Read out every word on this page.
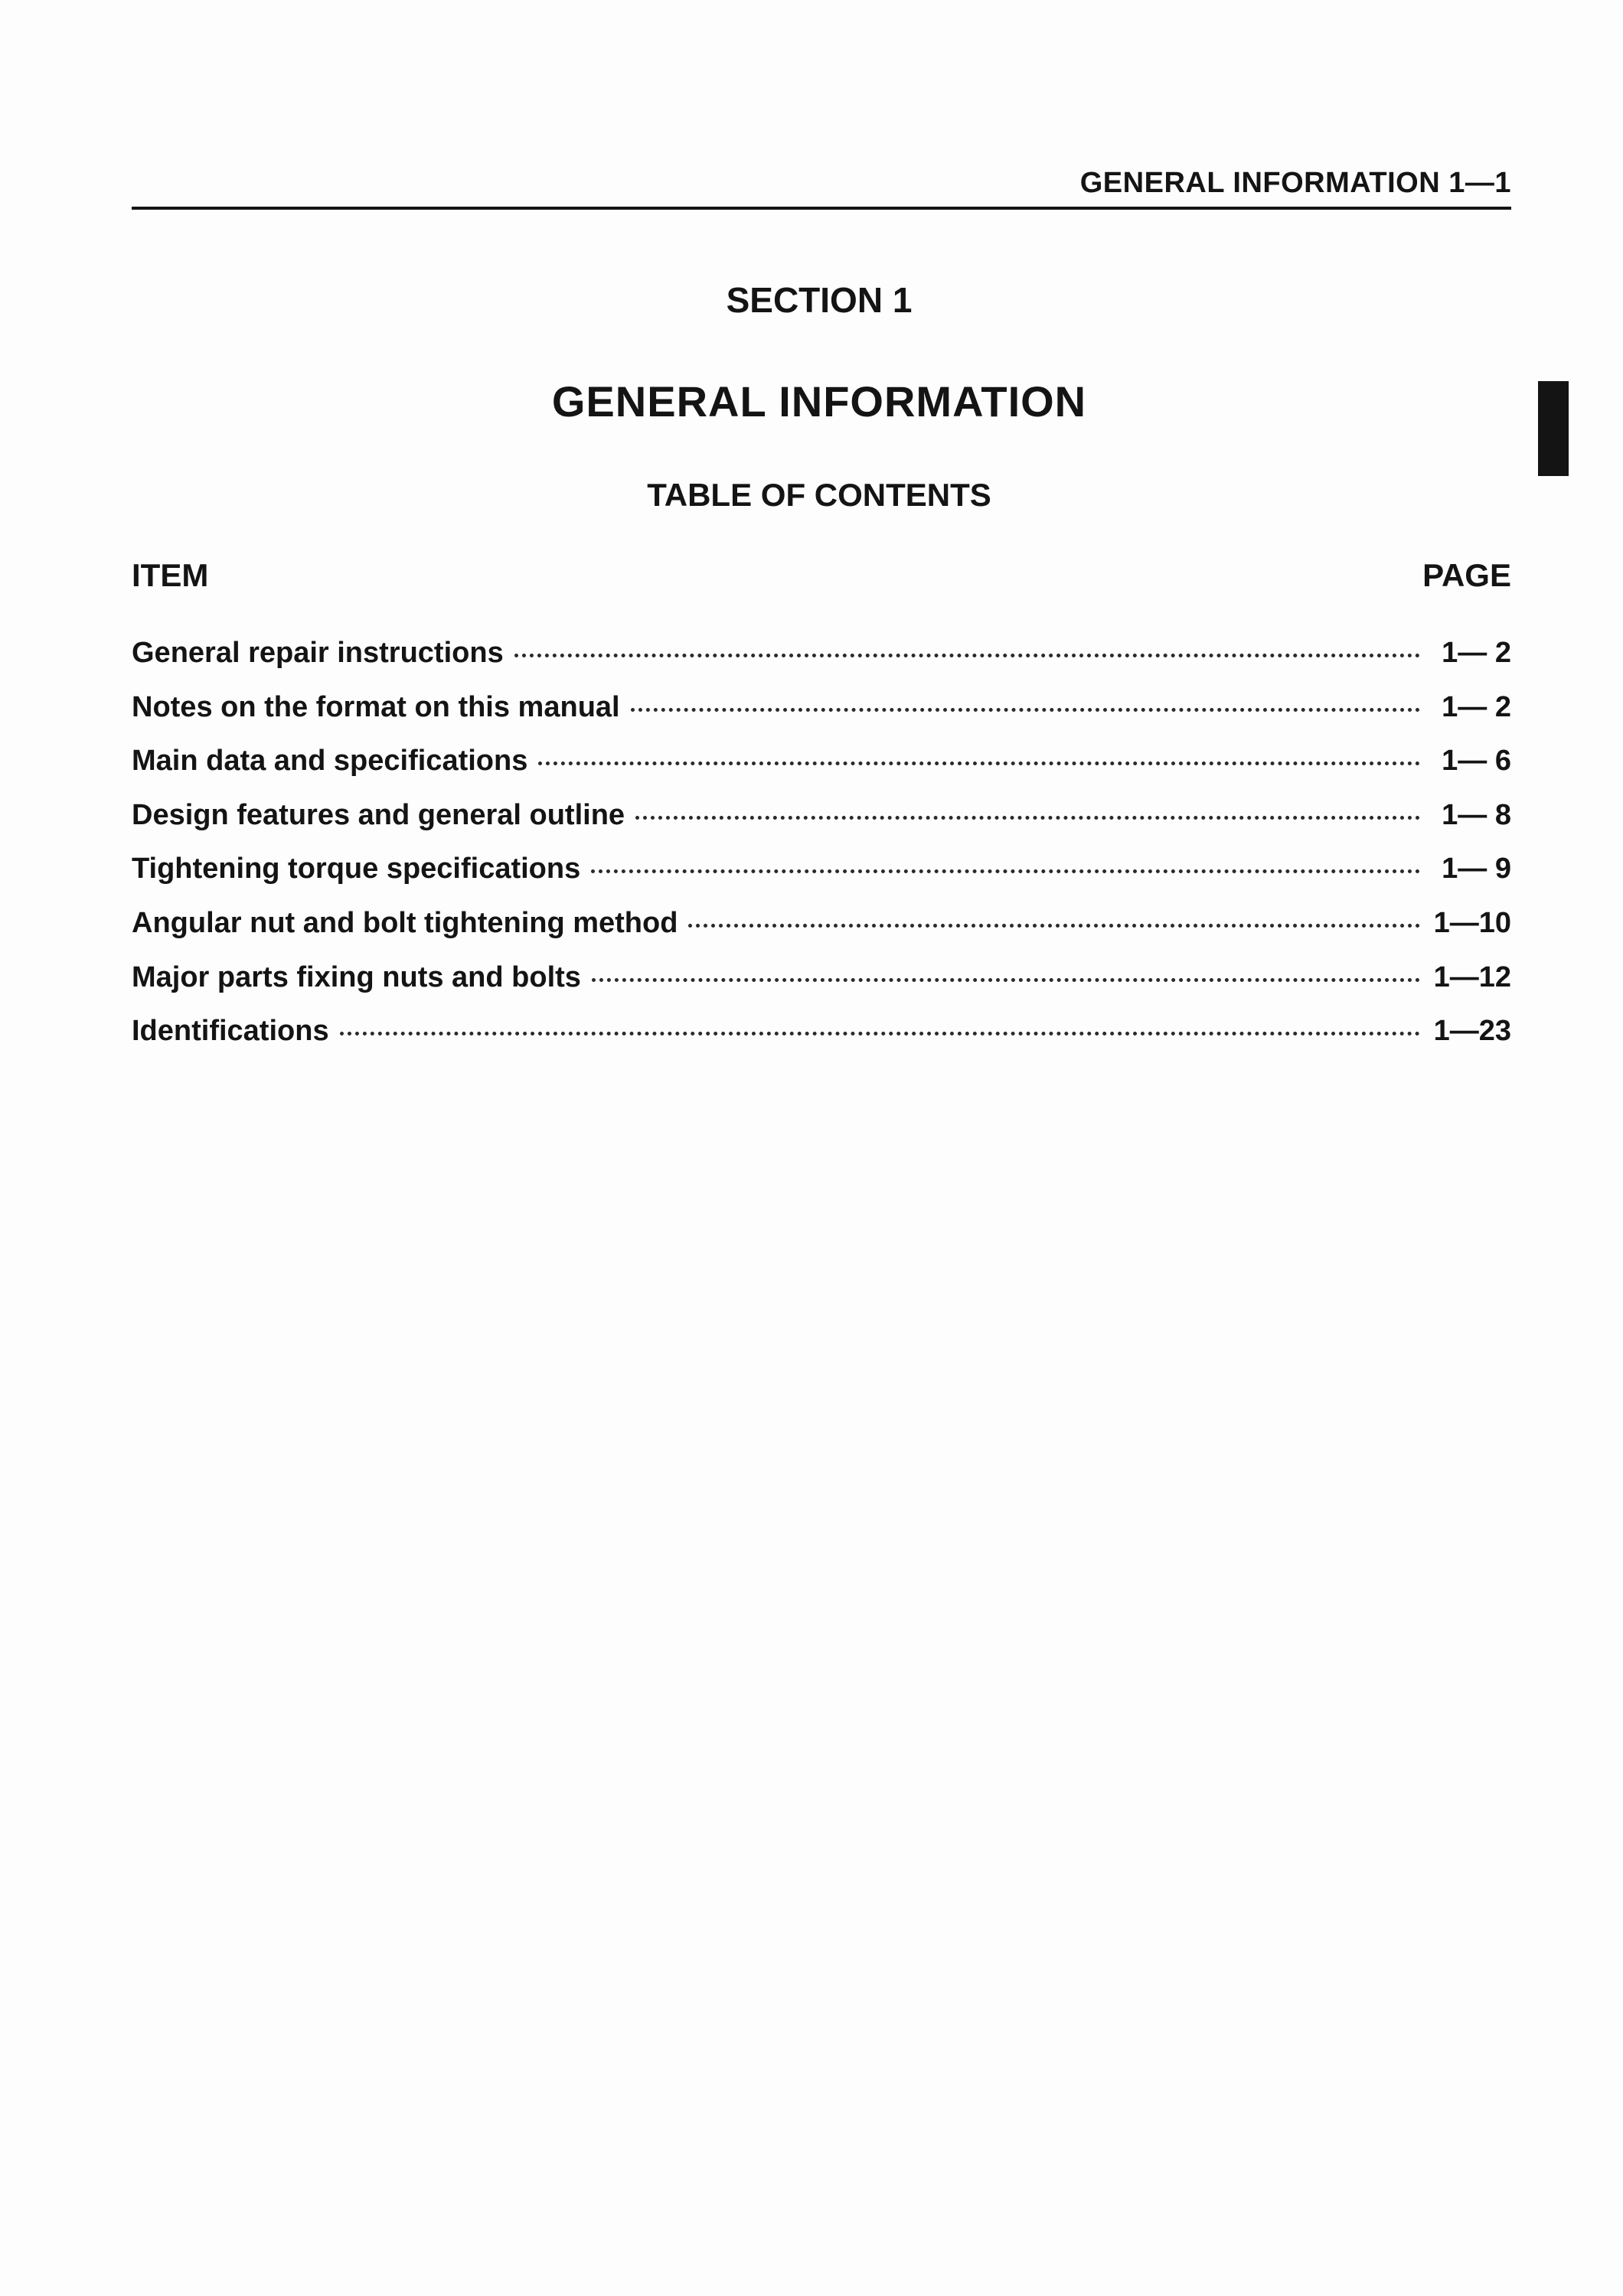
GENERAL INFORMATION 1—1
SECTION 1
GENERAL INFORMATION
TABLE OF CONTENTS
ITEM	PAGE
General repair instructions	1— 2
Notes on the format on this manual	1— 2
Main data and specifications	1— 6
Design features and general outline	1— 8
Tightening torque specifications	1— 9
Angular nut and bolt tightening method	1—10
Major parts fixing nuts and bolts	1—12
Identifications	1—23
